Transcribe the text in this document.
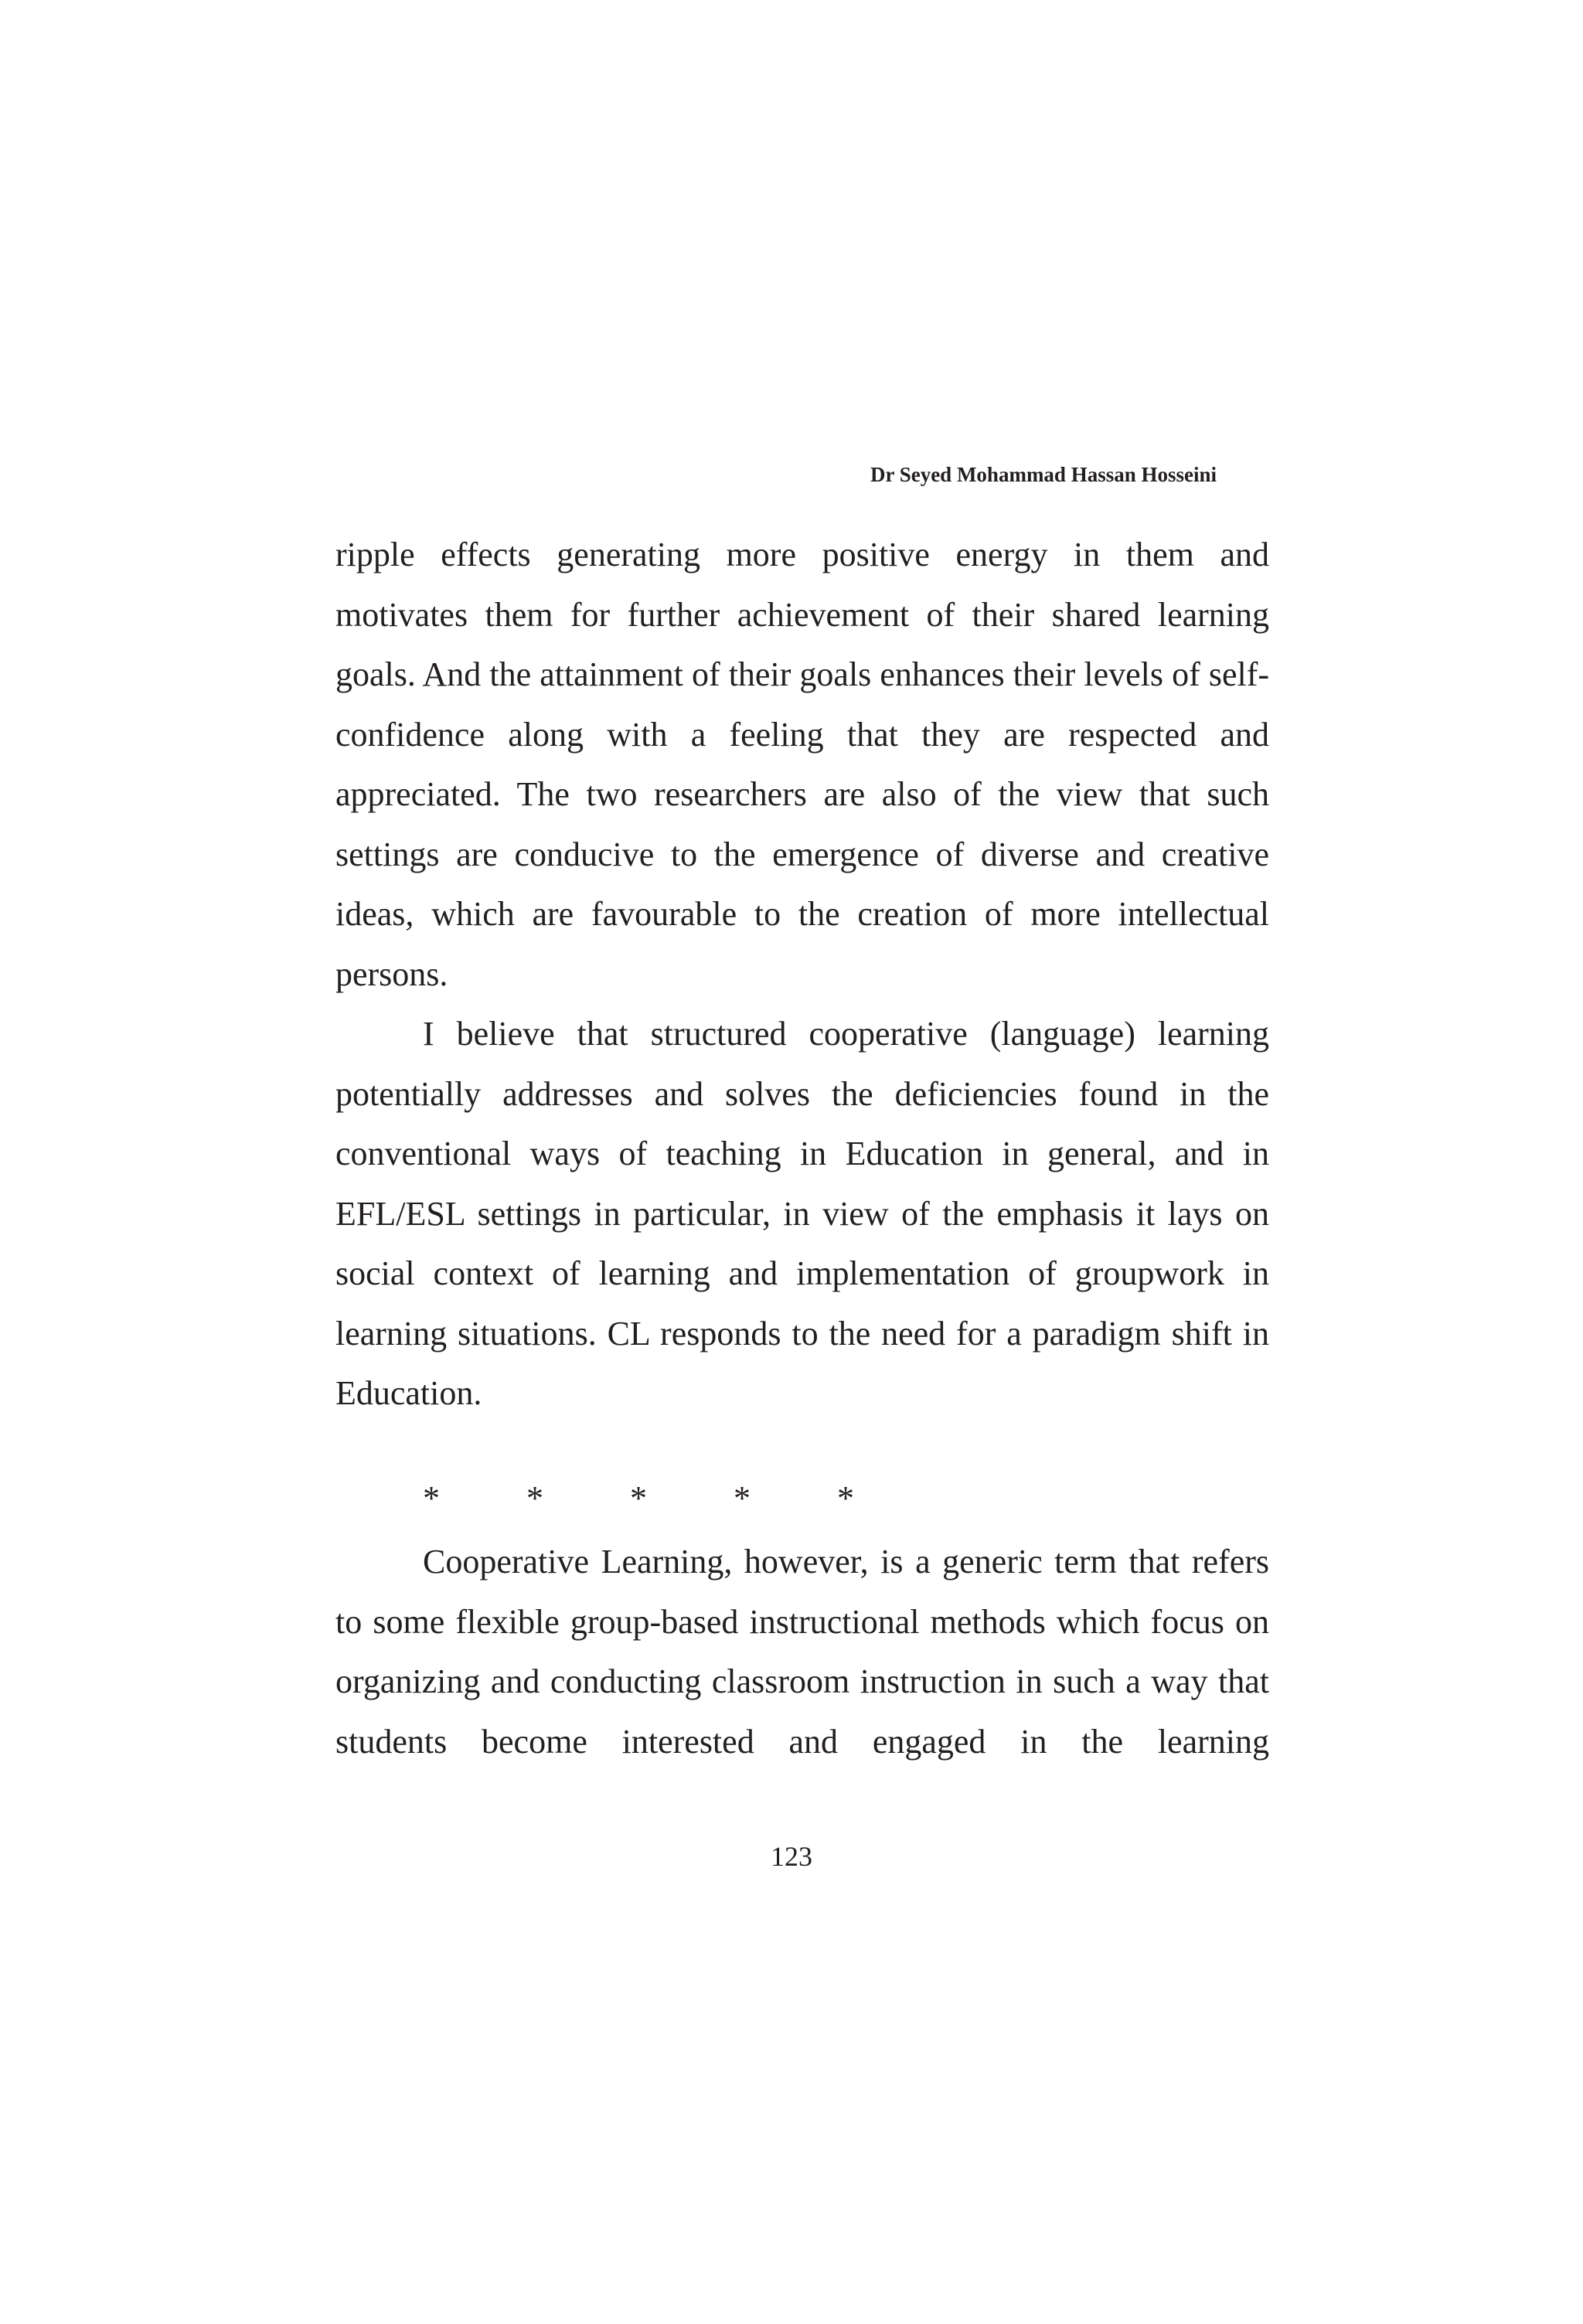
Dr Seyed Mohammad Hassan Hosseini

ripple effects generating more positive energy in them and motivates them for further achievement of their shared learning goals. And the attainment of their goals enhances their levels of self-confidence along with a feeling that they are respected and appreciated. The two researchers are also of the view that such settings are conducive to the emergence of diverse and creative ideas, which are favourable to the creation of more intellectual persons.

I believe that structured cooperative (language) learning potentially addresses and solves the deficiencies found in the conventional ways of teaching in Education in general, and in EFL/ESL settings in particular, in view of the emphasis it lays on social context of learning and implementation of groupwork in learning situations. CL responds to the need for a paradigm shift in Education.

*	*	*	*	*

Cooperative Learning, however, is a generic term that refers to some flexible group-based instructional methods which focus on organizing and conducting classroom instruction in such a way that students become interested and engaged in the learning

123
